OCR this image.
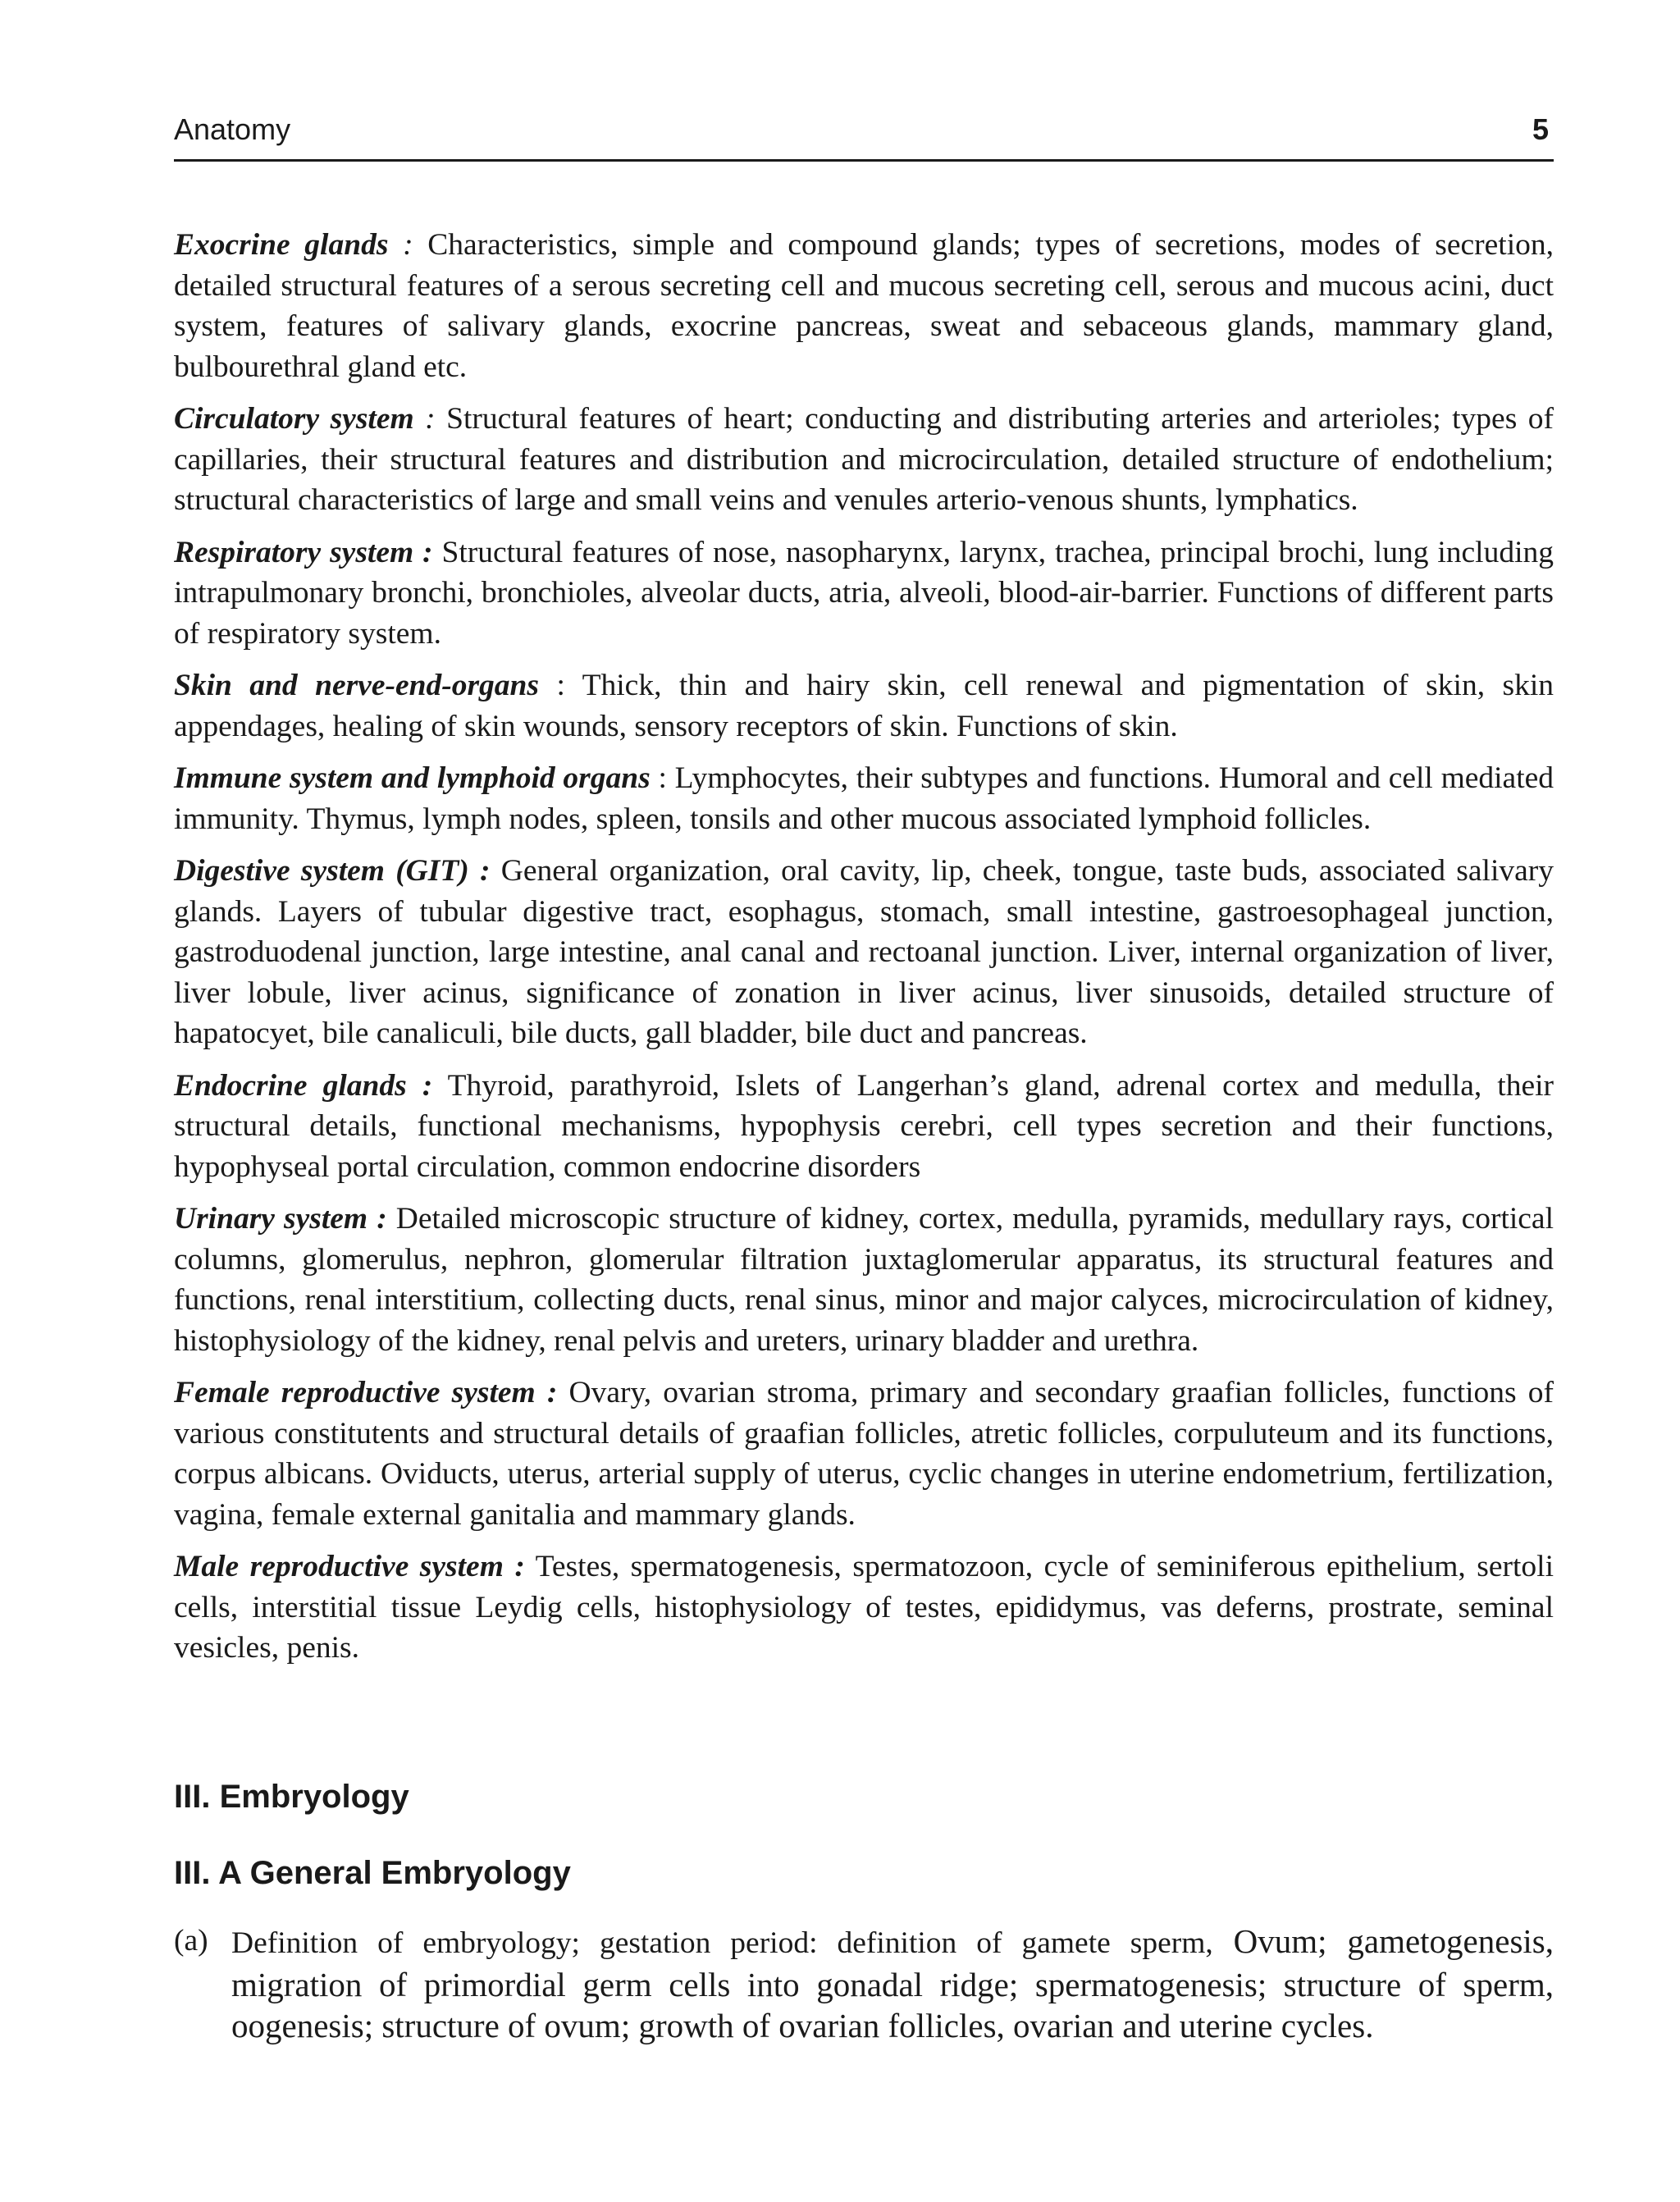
Anatomy	5

Exocrine glands : Characteristics, simple and compound glands; types of secretions, modes of secretion, detailed structural features of a serous secreting cell and mucous secreting cell, serous and mucous acini, duct system, features of salivary glands, exocrine pancreas, sweat and sebaceous glands, mammary gland, bulbourethral gland etc.

Circulatory system : Structural features of heart; conducting and distributing arteries and arterioles; types of capillaries, their structural features and distribution and microcirculation, detailed structure of endothelium; structural characteristics of large and small veins and venules arterio-venous shunts, lymphatics.

Respiratory system : Structural features of nose, nasopharynx, larynx, trachea, principal brochi, lung including intrapulmonary bronchi, bronchioles, alveolar ducts, atria, alveoli, blood-air-barrier. Functions of different parts of respiratory system.

Skin and nerve-end-organs : Thick, thin and hairy skin, cell renewal and pigmentation of skin, skin appendages, healing of skin wounds, sensory receptors of skin. Functions of skin.

Immune system and lymphoid organs : Lymphocytes, their subtypes and functions. Humoral and cell mediated immunity. Thymus, lymph nodes, spleen, tonsils and other mucous associated lymphoid follicles.

Digestive system (GIT) : General organization, oral cavity, lip, cheek, tongue, taste buds, associated salivary glands. Layers of tubular digestive tract, esophagus, stomach, small intestine, gastroesophageal junction, gastroduodenal junction, large intestine, anal canal and rectoanal junction. Liver, internal organization of liver, liver lobule, liver acinus, significance of zonation in liver acinus, liver sinusoids, detailed structure of hapatocyet, bile canaliculi, bile ducts, gall bladder, bile duct and pancreas.

Endocrine glands : Thyroid, parathyroid, Islets of Langerhan’s gland, adrenal cortex and medulla, their structural details, functional mechanisms, hypophysis cerebri, cell types secretion and their functions, hypophyseal portal circulation, common endocrine disorders

Urinary system : Detailed microscopic structure of kidney, cortex, medulla, pyramids, medullary rays, cortical columns, glomerulus, nephron, glomerular filtration juxtaglomerular apparatus, its structural features and functions, renal interstitium, collecting ducts, renal sinus, minor and major calyces, microcirculation of kidney, histophysiology of the kidney, renal pelvis and ureters, urinary bladder and urethra.

Female reproductive system : Ovary, ovarian stroma, primary and secondary graafian follicles, functions of various constitutents and structural details of graafian follicles, atretic follicles, corpuluteum and its functions, corpus albicans. Oviducts, uterus, arterial supply of uterus, cyclic changes in uterine endometrium, fertilization, vagina, female external ganitalia and mammary glands.

Male reproductive system : Testes, spermatogenesis, spermatozoon, cycle of seminiferous epithelium, sertoli cells, interstitial tissue Leydig cells, histophysiology of testes, epididymus, vas deferns, prostrate, seminal vesicles, penis.

III. Embryology
III. A General Embryology
(a) Definition of embryology; gestation period: definition of gamete sperm, Ovum; gametogenesis, migration of primordial germ cells into gonadal ridge; spermatogenesis; structure of sperm, oogenesis; structure of ovum; growth of ovarian follicles, ovarian and uterine cycles.
